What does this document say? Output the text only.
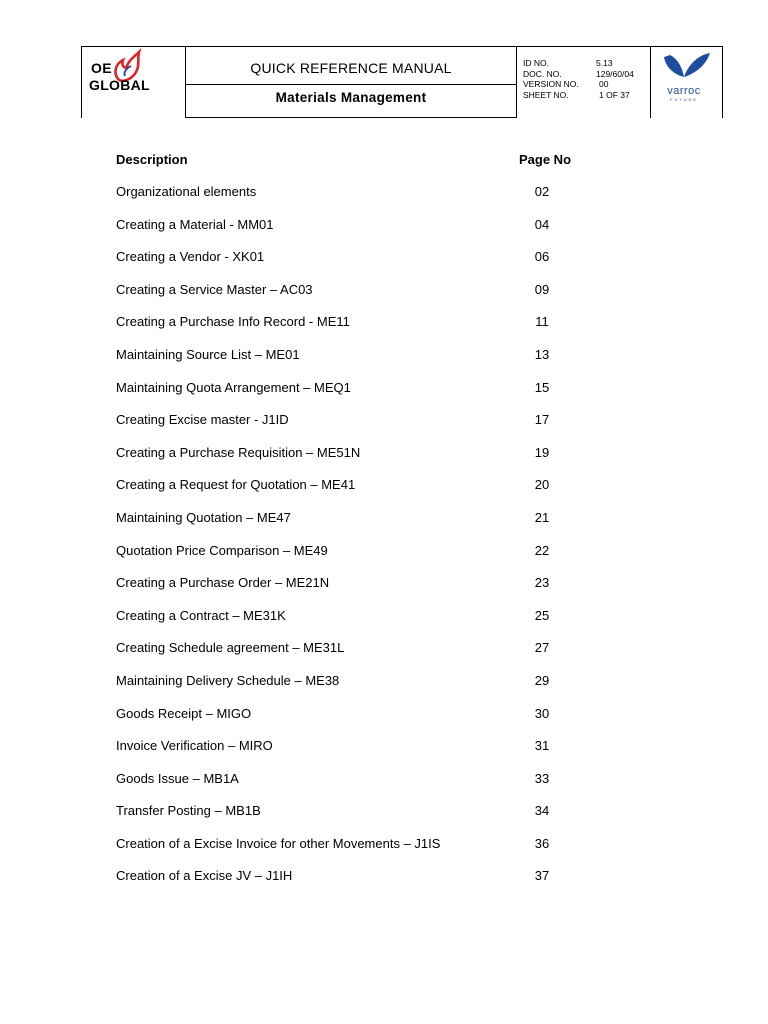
OE
GLOBAL
QUICK REFERENCE MANUAL
Materials Management
ID NO.	5.13
DOC. NO.	129/60/04
VERSION NO. 00
SHEET NO.	1 OF 37	varroc
FUTURE
Description	Page No
Organizational elements	02
Creating a Material - MM01	04
Creating a Vendor - XK01	06
Creating a Service Master – AC03	09
Creating a Purchase Info Record - ME11	11
Maintaining Source List – ME01	13
Maintaining Quota Arrangement – MEQ1	15
Creating Excise master - J1ID	17
Creating a Purchase Requisition – ME51N	19
Creating a Request for Quotation – ME41	20
Maintaining Quotation – ME47	21
Quotation Price Comparison – ME49	22
Creating a Purchase Order – ME21N	23
Creating a Contract – ME31K	25
Creating Schedule agreement – ME31L	27
Maintaining Delivery Schedule – ME38	29
Goods Receipt – MIGO	30
Invoice Verification – MIRO	31
Goods Issue – MB1A	33
Transfer Posting – MB1B	34
Creation of a Excise Invoice for other Movements – J1IS	36
Creation of a Excise JV – J1IH	37
